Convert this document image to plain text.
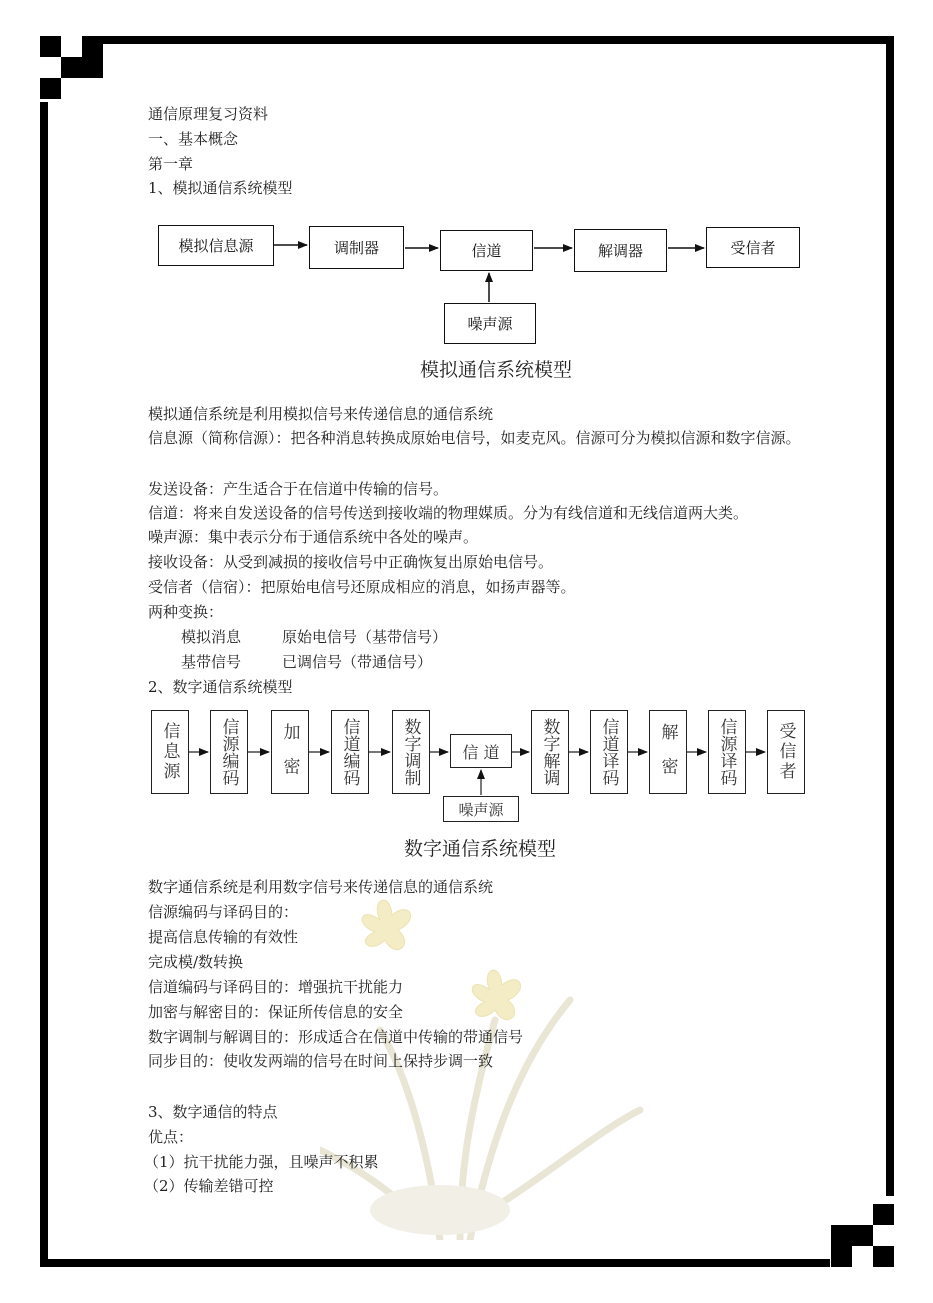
通信原理复习资料
一、基本概念
第一章
1、模拟通信系统模型
模拟信息源	调制器	信道	解调器	受信者
噪声源
模拟通信系统模型
模拟通信系统是利用模拟信号来传递信息的通信系统
信息源（简称信源）：把各种消息转换成原始电信号，如麦克风。信源可分为模拟信源和数字信源。
发送设备：产生适合于在信道中传输的信号。
信道：将来自发送设备的信号传送到接收端的物理媒质。分为有线信道和无线信道两大类。
噪声源：集中表示分布于通信系统中各处的噪声。
接收设备：从受到减损的接收信号中正确恢复出原始电信号。
受信者（信宿）：把原始电信号还原成相应的消息，如扬声器等。
两种变换：
模拟消息	原始电信号（基带信号）
基带信号	已调信号（带通信号）
2、数字通信系统模型
信息源 信源编码 加 密 信道编码 数字调制	信 道 数字解调 信道译码 解 密 信源译码 受信者
噪声源
数字通信系统模型
数字通信系统是利用数字信号来传递信息的通信系统
信源编码与译码目的：
提高信息传输的有效性
完成模/数转换
信道编码与译码目的：增强抗干扰能力
加密与解密目的：保证所传信息的安全
数字调制与解调目的：形成适合在信道中传输的带通信号
同步目的：使收发两端的信号在时间上保持步调一致
3、数字通信的特点
优点：
（1）抗干扰能力强，且噪声不积累
（2）传输差错可控
